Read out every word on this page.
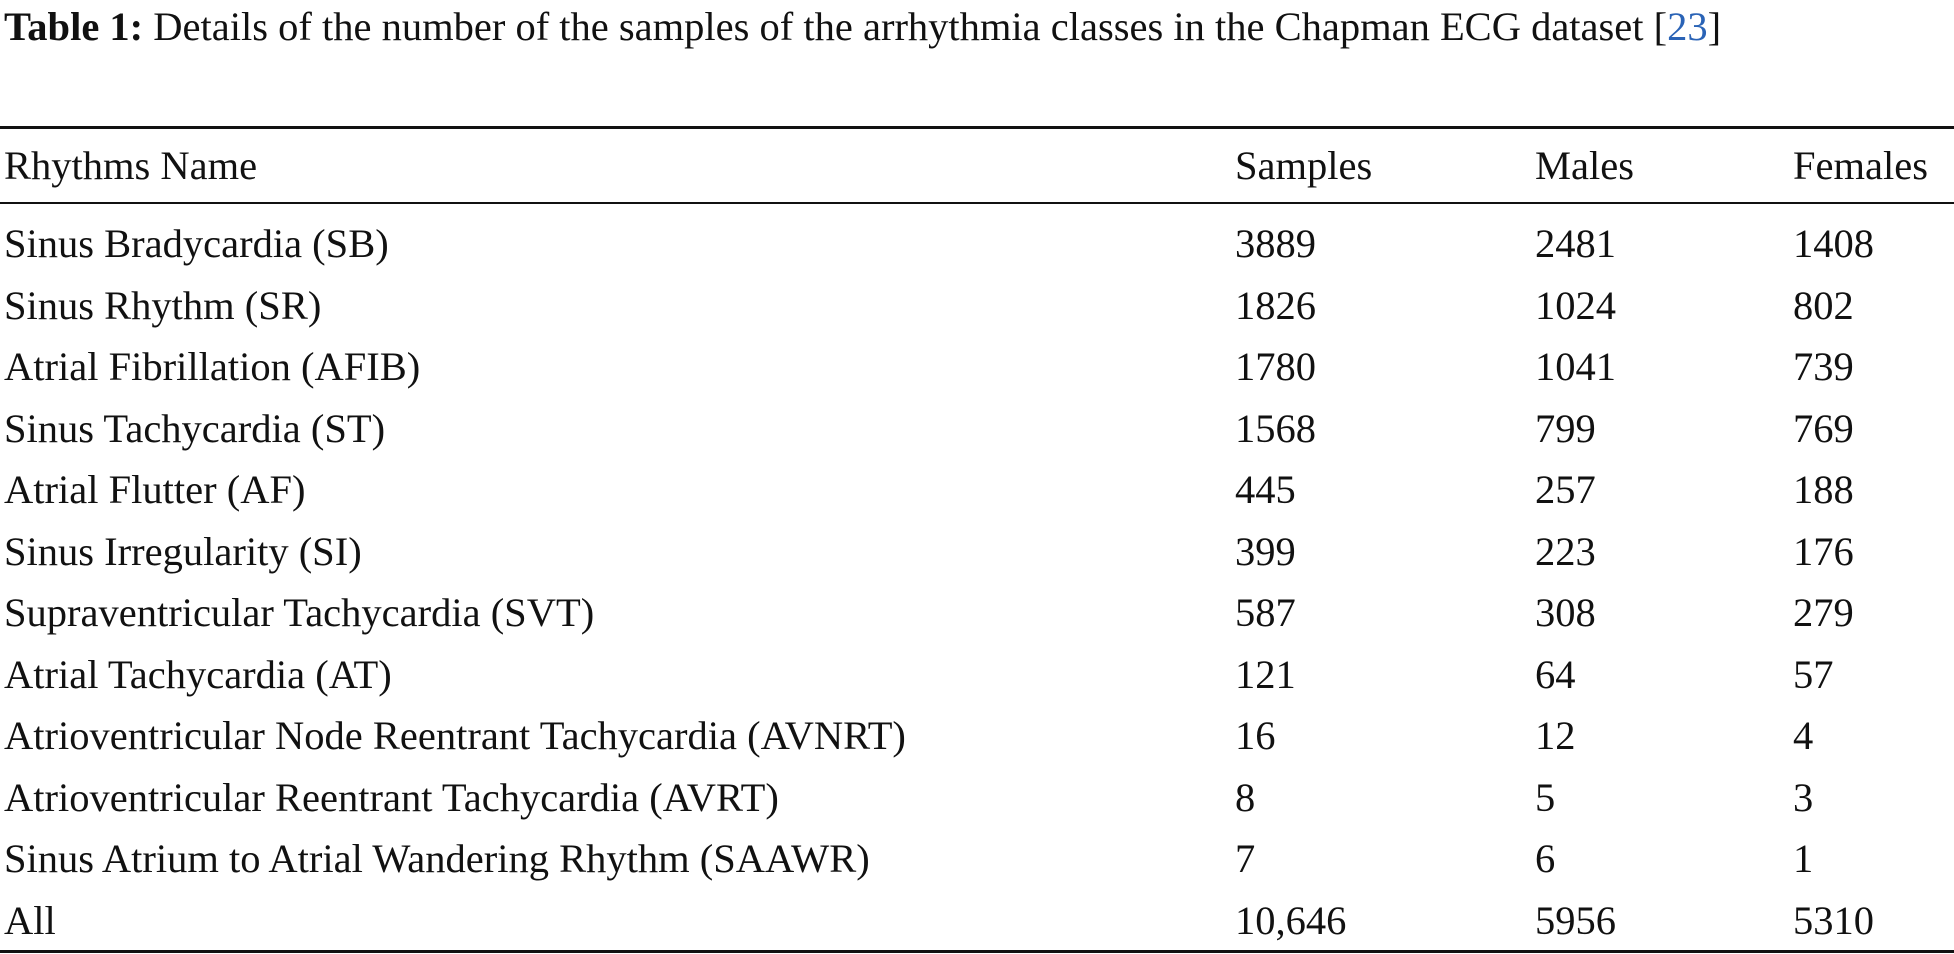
Table 1: Details of the number of the samples of the arrhythmia classes in the Chapman ECG dataset [23]
Rhythms Name	Samples	Males	Females
Sinus Bradycardia (SB)	3889	2481	1408
Sinus Rhythm (SR)	1826	1024	802
Atrial Fibrillation (AFIB)	1780	1041	739
Sinus Tachycardia (ST)	1568	799	769
Atrial Flutter (AF)	445	257	188
Sinus Irregularity (SI)	399	223	176
Supraventricular Tachycardia (SVT)	587	308	279
Atrial Tachycardia (AT)	121	64	57
Atrioventricular Node Reentrant Tachycardia (AVNRT)	16	12	4
Atrioventricular Reentrant Tachycardia (AVRT)	8	5	3
Sinus Atrium to Atrial Wandering Rhythm (SAAWR)	7	6	1
All	10,646	5956	5310
